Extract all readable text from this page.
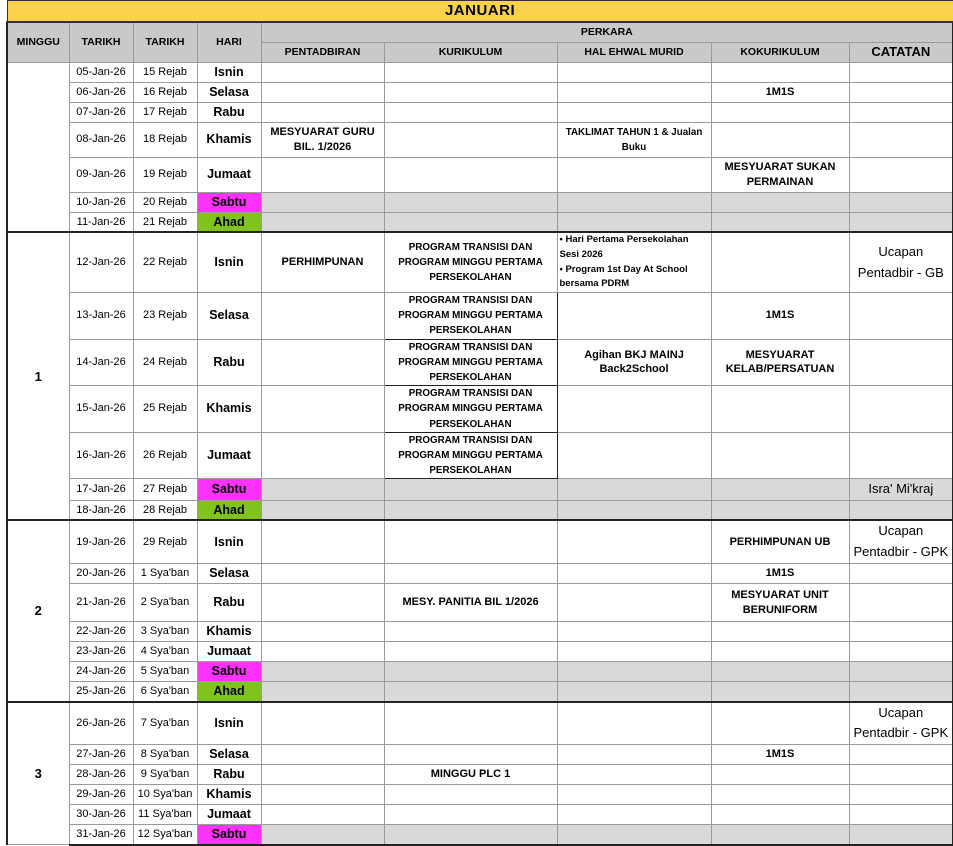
JANUARI								
MINGGU	TARIKH	TARIKH	HARI	PERKARA				
				PENTADBIRAN	KURIKULUM	HAL EHWAL MURID	KOKURIKULUM	CATATAN
	05-Jan-26	15 Rejab	Isnin					
	06-Jan-26	16 Rejab	Selasa				1M1S	
	07-Jan-26	17 Rejab	Rabu					
	08-Jan-26	18 Rejab	Khamis	MESYUARAT GURU BIL. 1/2026		TAKLIMAT TAHUN 1 & Jualan Buku		
	09-Jan-26	19 Rejab	Jumaat				MESYUARAT SUKAN PERMAINAN	
	10-Jan-26	20 Rejab	Sabtu					
	11-Jan-26	21 Rejab	Ahad					
1	12-Jan-26	22 Rejab	Isnin	PERHIMPUNAN	PROGRAM TRANSISI DAN PROGRAM MINGGU PERTAMA PERSEKOLAHAN	• Hari Pertama Persekolahan Sesi 2026
• Program 1st Day At School bersama PDRM		Ucapan Pentadbir - GB
	13-Jan-26	23 Rejab	Selasa		PROGRAM TRANSISI DAN PROGRAM MINGGU PERTAMA PERSEKOLAHAN		1M1S	
	14-Jan-26	24 Rejab	Rabu		PROGRAM TRANSISI DAN PROGRAM MINGGU PERTAMA PERSEKOLAHAN	Agihan BKJ MAINJ Back2School	MESYUARAT KELAB/PERSATUAN	
	15-Jan-26	25 Rejab	Khamis		PROGRAM TRANSISI DAN PROGRAM MINGGU PERTAMA PERSEKOLAHAN			
	16-Jan-26	26 Rejab	Jumaat		PROGRAM TRANSISI DAN PROGRAM MINGGU PERTAMA PERSEKOLAHAN			
	17-Jan-26	27 Rejab	Sabtu					Isra' Mi'kraj
	18-Jan-26	28 Rejab	Ahad					
2	19-Jan-26	29 Rejab	Isnin				PERHIMPUNAN UB	Ucapan Pentadbir - GPK
	20-Jan-26	1 Sya'ban	Selasa				1M1S	
	21-Jan-26	2 Sya'ban	Rabu		MESY. PANITIA BIL 1/2026		MESYUARAT UNIT BERUNIFORM	
	22-Jan-26	3 Sya'ban	Khamis					
	23-Jan-26	4 Sya'ban	Jumaat					
	24-Jan-26	5 Sya'ban	Sabtu					
	25-Jan-26	6 Sya'ban	Ahad					
3	26-Jan-26	7 Sya'ban	Isnin					Ucapan Pentadbir - GPK
	27-Jan-26	8 Sya'ban	Selasa				1M1S	
	28-Jan-26	9 Sya'ban	Rabu		MINGGU PLC 1			
	29-Jan-26	10 Sya'ban	Khamis					
	30-Jan-26	11 Sya'ban	Jumaat					
	31-Jan-26	12 Sya'ban	Sabtu					
